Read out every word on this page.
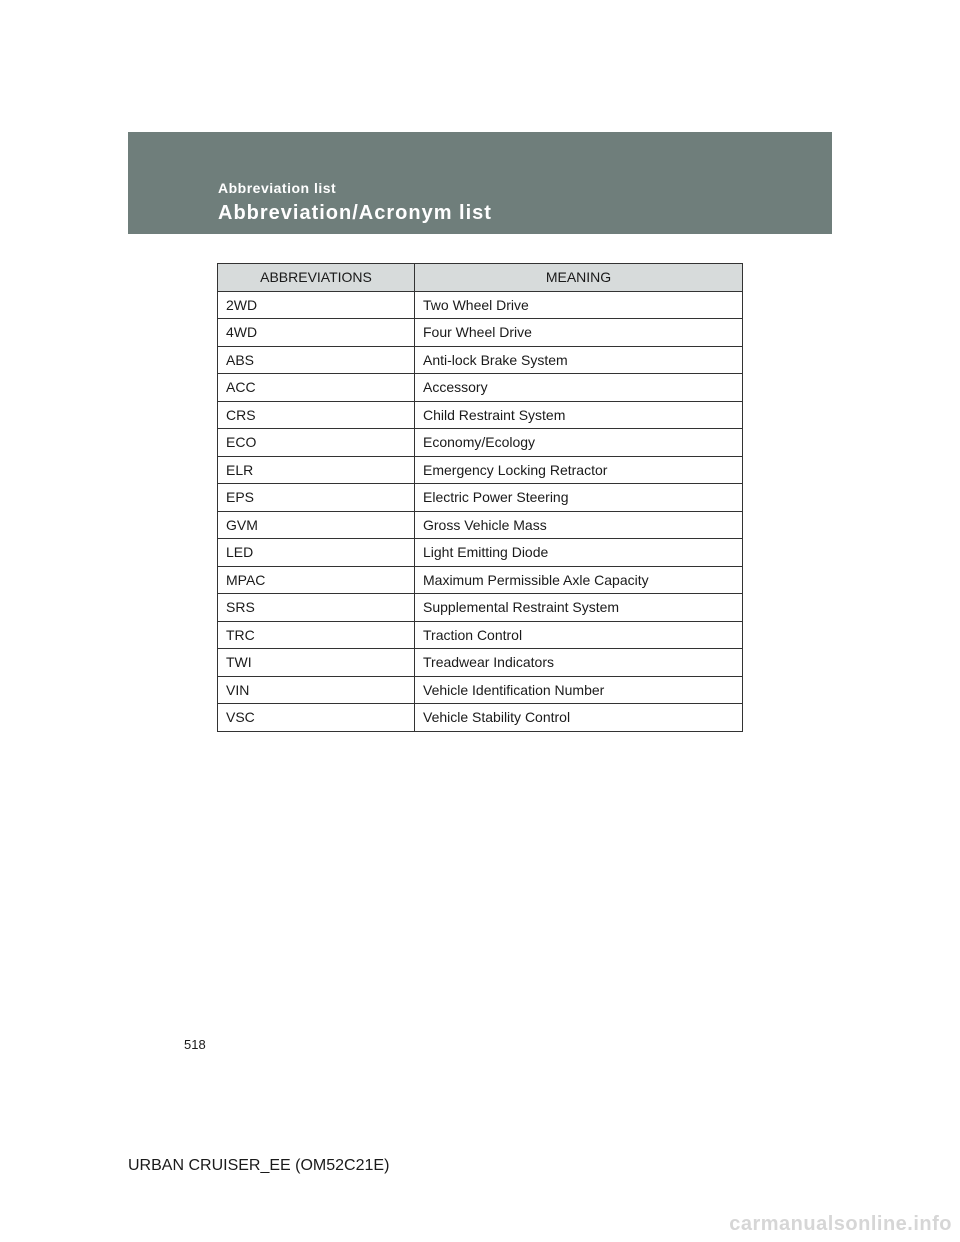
Abbreviation list
Abbreviation/Acronym list
ABBREVIATIONS	MEANING
2WD	Two Wheel Drive
4WD	Four Wheel Drive
ABS	Anti-lock Brake System
ACC	Accessory
CRS	Child Restraint System
ECO	Economy/Ecology
ELR	Emergency Locking Retractor
EPS	Electric Power Steering
GVM	Gross Vehicle Mass
LED	Light Emitting Diode
MPAC	Maximum Permissible Axle Capacity
SRS	Supplemental Restraint System
TRC	Traction Control
TWI	Treadwear Indicators
VIN	Vehicle Identification Number
VSC	Vehicle Stability Control
518
URBAN CRUISER_EE (OM52C21E)
carmanualsonline.info
